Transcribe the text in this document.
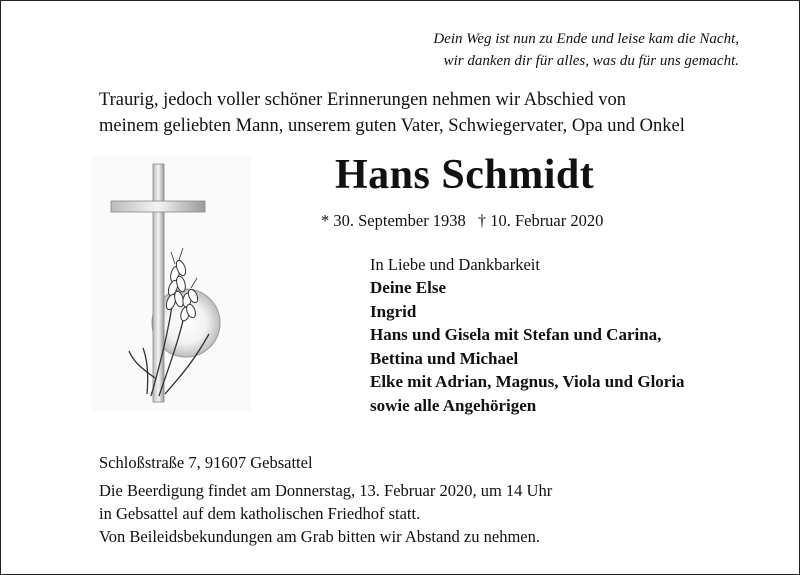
Dein Weg ist nun zu Ende und leise kam die Nacht,
wir danken dir für alles, was du für uns gemacht.
Traurig, jedoch voller schöner Erinnerungen nehmen wir Abschied von
meinem geliebten Mann, unserem guten Vater, Schwiegervater, Opa und Onkel
Hans Schmidt
* 30. September 1938 † 10. Februar 2020
In Liebe und Dankbarkeit
Deine Else
Ingrid
Hans und Gisela mit Stefan und Carina,
Bettina und Michael
Elke mit Adrian, Magnus, Viola und Gloria
sowie alle Angehörigen
Schloßstraße 7, 91607 Gebsattel
Die Beerdigung findet am Donnerstag, 13. Februar 2020, um 14 Uhr
in Gebsattel auf dem katholischen Friedhof statt.
Von Beileidsbekundungen am Grab bitten wir Abstand zu nehmen.
